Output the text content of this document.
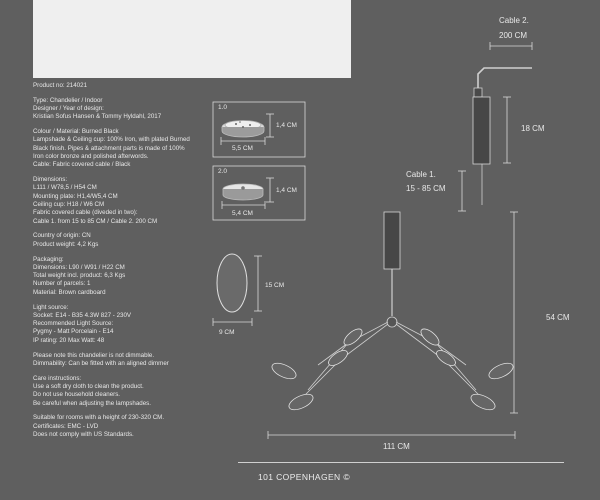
Product no: 214021
Type: Chandelier / Indoor
Designer / Year of design:
Kristian Sofus Hansen & Tommy Hyldahl, 2017
Colour / Material: Burned Black
Lampshade & Ceiling cup: 100% Iron, with plated Burned
Black finish. Pipes & attachment parts is made of 100%
Iron color bronze and polished afterwords.
Cable: Fabric covered cable / Black
Dimensions:
L111 / W78,5 / H54 CM
Mounting plate: H1,4/W5,4 CM
Ceiling cup: H18 / W6 CM
Fabric covered cable (diveded in two):
Cable 1. from 15 to 85 CM / Cable 2. 200 CM
Country of origin: CN
Product weight: 4,2 Kgs
Packaging:
Dimensions: L90 / W91 / H22 CM
Total weight incl. product: 6,3 Kgs
Number of parcels: 1
Material: Brown cardboard
Light source:
Socket: E14 - B35 4.3W 827 - 230V
Recommended Light Source:
Pygmy - Matt Porcelain - E14
IP rating: 20 Max Watt: 48
Please note this chandelier is not dimmable.
Dimmability: Can be fitted with an aligned dimmer
Care instructions:
Use a soft dry cloth to clean the product.
Do not use household cleaners.
Be careful when adjusting the lampshades.
Suitable for rooms with a height of 230-320 CM.
Certificates: EMC - LVD
Does not comply with US Standards.
1.0
1,4 CM
5,5 CM
2.0
1,4 CM
5,4 CM
15 CM
9 CM
Cable 2.
200 CM
18 CM
Cable 1.
15 - 85 CM
54 CM
111 CM
101 COPENHAGEN ©
